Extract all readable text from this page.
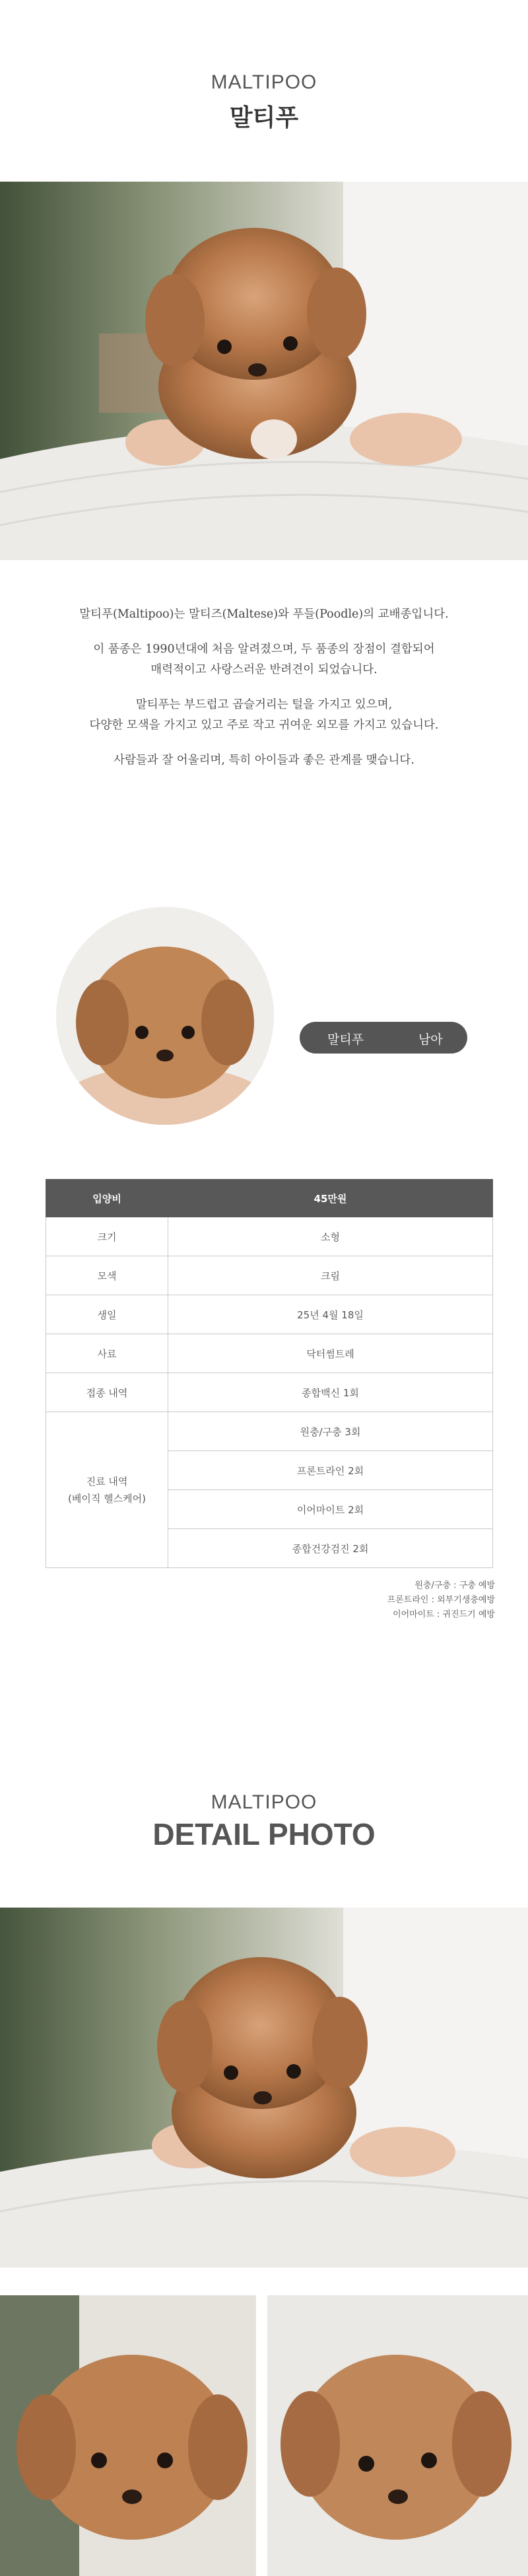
MALTIPOO
말티푸

말티푸(Maltipoo)는 말티즈(Maltese)와 푸들(Poodle)의 교배종입니다.

이 품종은 1990년대에 처음 알려졌으며, 두 품종의 장점이 결합되어

매력적이고 사랑스러운 반려견이 되었습니다.

말티푸는 부드럽고 곱슬거리는 털을 가지고 있으며,

다양한 모색을 가지고 있고 주로 작고 귀여운 외모를 가지고 있습니다.

사람들과 잘 어울리며, 특히 아이들과 좋은 관계를 맺습니다.

말티푸	남아
입양비	45만원
크기	소형
모색	크림
생일	25년 4월 18일
사료	닥터썸트레
접종 내역	종합백신 1회

진료 내역
(베이직 헬스케어)	원충/구충 3회
	프론트라인 2회
	이어마이트 2회
	종합건강검진 2회
원충/구충 : 구충 예방
프론트라인 : 외부기생충예방
이어마이트 : 귀진드기 예방
MALTIPOO
DETAIL PHOTO
